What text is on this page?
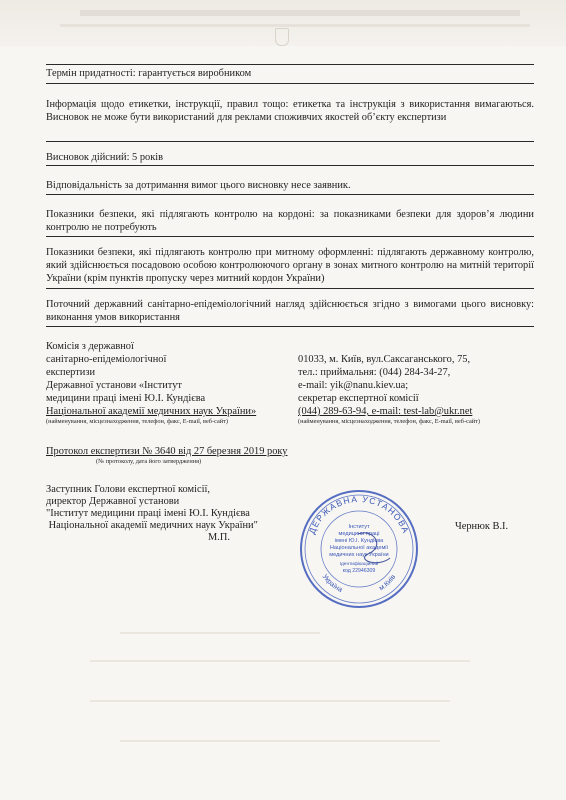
Термін придатності: гарантується виробником

Інформація щодо етикетки, інструкції, правил тощо: етикетка та інструкція з використання вимагаються. Висновок не може бути використаний для реклами споживчих якостей об’єкту експертизи

Висновок дійсний: 5 років

Відповідальність за дотримання вимог цього висновку несе заявник.

Показники безпеки, які підлягають контролю на кордоні: за показниками безпеки для здоров’я людини контролю не потребують

Показники безпеки, які підлягають контролю при митному оформленні: підлягають державному контролю, який здійснюється посадовою особою контролюючого органу в зонах митного контролю на митній території України (крім пунктів пропуску через митний кордон України)

Поточний державний санітарно-епідеміологічний нагляд здійснюється згідно з вимогами цього висновку: виконання умов використання

Комісія з державної
санітарно-епідеміологічної
експертизи
Державної установи «Інститут
медицини праці імені Ю.І. Кундієва
Національної академії медичних наук України»
(найменування, місцезнаходження, телефон, факс, E-mail, веб-сайт)
01033, м. Київ, вул.Саксаганського, 75,
тел.: приймальня: (044) 284-34-27,
e-mail: yik@nanu.kiev.ua;
секретар експертної комісії
(044) 289-63-94, e-mail: test-lab@ukr.net
(найменування, місцезнаходження, телефон, факс, E-mail, веб-сайт)
Протокол експертизи № 3640 від 27 березня 2019 року
(№ протоколу, дата його затвердження)
Заступник Голови експертної комісії,
директор Державної установи
"Інститут медицини праці імені Ю.І. Кундієва
Національної академії медичних наук України"
М.П.
ДЕРЖАВНА УСТАНОВА
Україна	м.Київ
Інститут
медицини праці
імені Ю.І. Кундієва
Національної академії
медичних наук України
Ідентифікаційний
код 22946309
Чернюк В.І.
